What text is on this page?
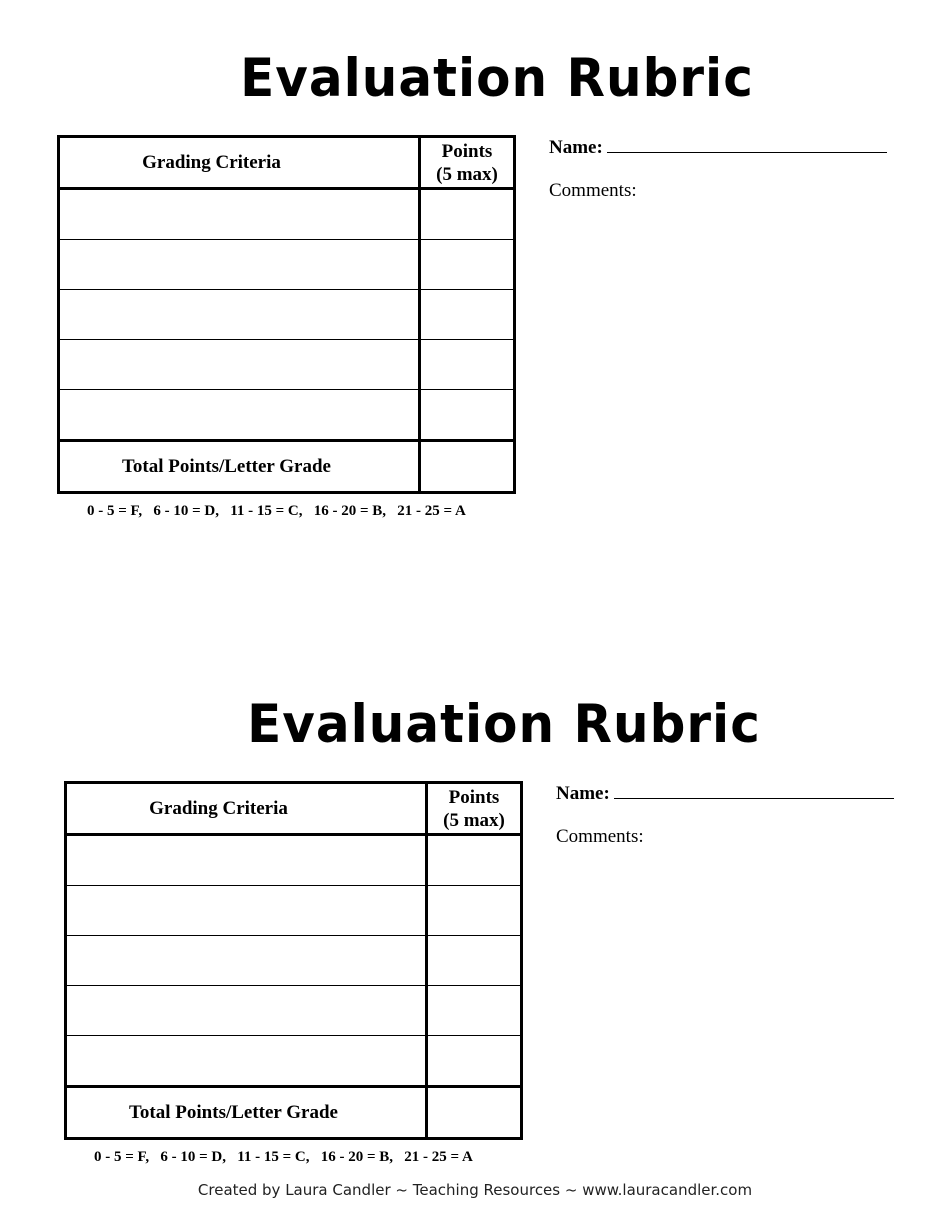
Evaluation Rubric
Grading Criteria	Points
(5 max)

Total Points/Letter Grade	
0 - 5 = F,   6 - 10 = D,   11 - 15 = C,   16 - 20 = B,   21 - 25 = A
Name:
Comments:
Evaluation Rubric
Grading Criteria	Points
(5 max)

Total Points/Letter Grade	
0 - 5 = F,   6 - 10 = D,   11 - 15 = C,   16 - 20 = B,   21 - 25 = A
Name:
Comments:
Created by Laura Candler ~ Teaching Resources ~ www.lauracandler.com
